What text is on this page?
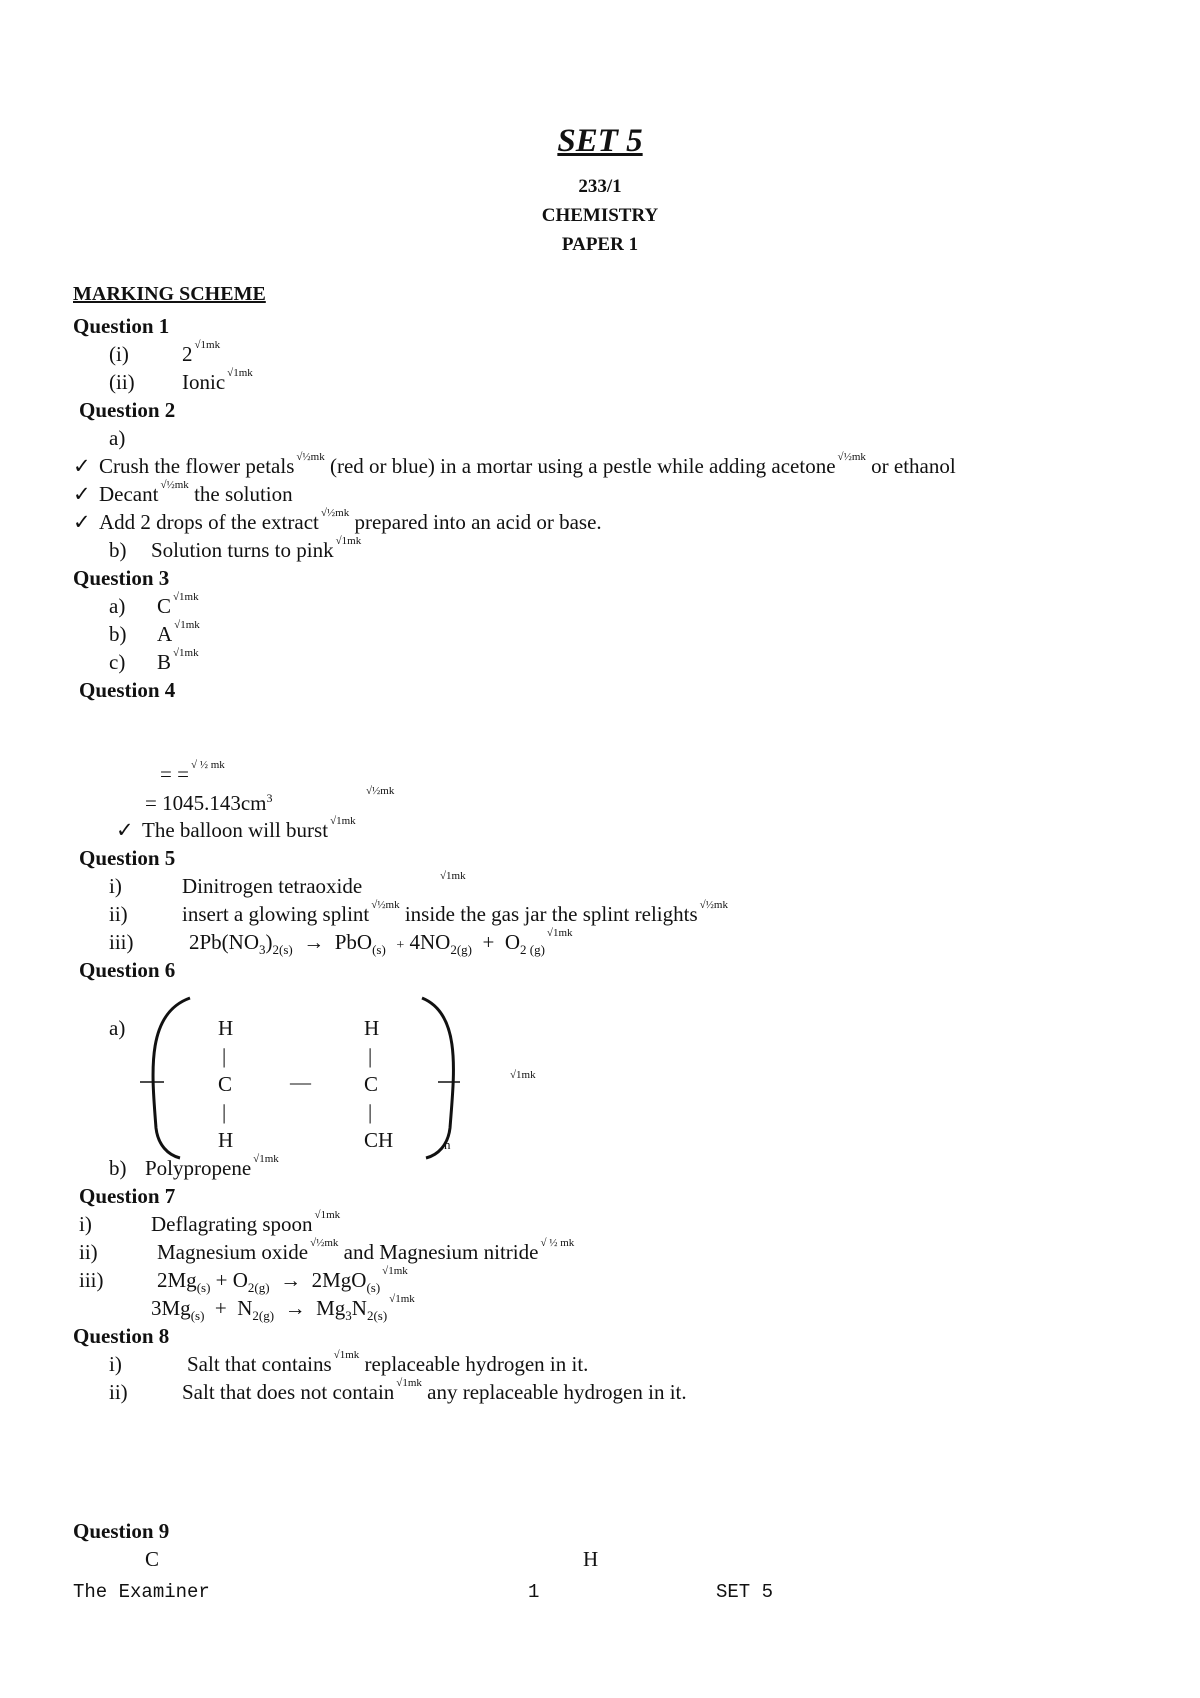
SET 5
233/1
CHEMISTRY
PAPER 1
MARKING SCHEME
Question 1
(i)	2 $^{√1mk}$
(ii) Ionic $^{√1mk}$
Question 2
a)
✓ Crush the flower petals $^{√\frac{1}{2}mk}$ (red or blue) in a mortar using a pestle while adding acetone $^{√\frac{1}{2}mk}$ or ethanol
✓ Decant $^{√\frac{1}{2}mk}$ the solution
✓ Add 2 drops of the extract $^{√\frac{1}{2}mk}$ prepared into an acid or base.
b) Solution turns to pink $^{√1mk}$
Question 3
a) C $^{√1mk}$
b) A $^{√1mk}$
c) B $^{√1mk}$
Question 4
= = $^{√ \frac{1}{2} mk}$
= $1045.143cm^3$	√½mk
✓ The balloon will burst $^{√1mk}$
Question 5
i)	Dinitrogen tetraoxide	√1mk
ii)	insert a glowing splint $^{√\frac{1}{2}mk}$ inside the gas jar the splint relights $^{√\frac{1}{2}mk}$
iii)	$2Pb(NO_3)_{2(s)} \to PbO_{(s)} + 4NO_{2(g)} + O_{2 (g)}^{√1mk}$
Question 6
a)	H
|
C
|
H
—
H
|
C
|
CH	n
√1mk
b) Polypropene $^{√1mk}$
Question 7
i)	Deflagrating spoon $^{√1mk}$
ii)	Magnesium oxide $^{√\frac{1}{2}mk}$ and Magnesium nitride $^{√ \frac{1}{2} mk}$
iii)	$2Mg_{(s)} + O_{2(g)} \to 2MgO_{(s)}^{√1mk}$
$3Mg_{(s)} + N_{2(g)} \to Mg_3N_{2(s)}^{√1mk}$
Question 8
i)	Salt that contains $^{√1mk}$ replaceable hydrogen in it.
ii)	Salt that does not contain $^{√1mk}$ any replaceable hydrogen in it.
Question 9
C	H
The Examiner	1	SET 5
